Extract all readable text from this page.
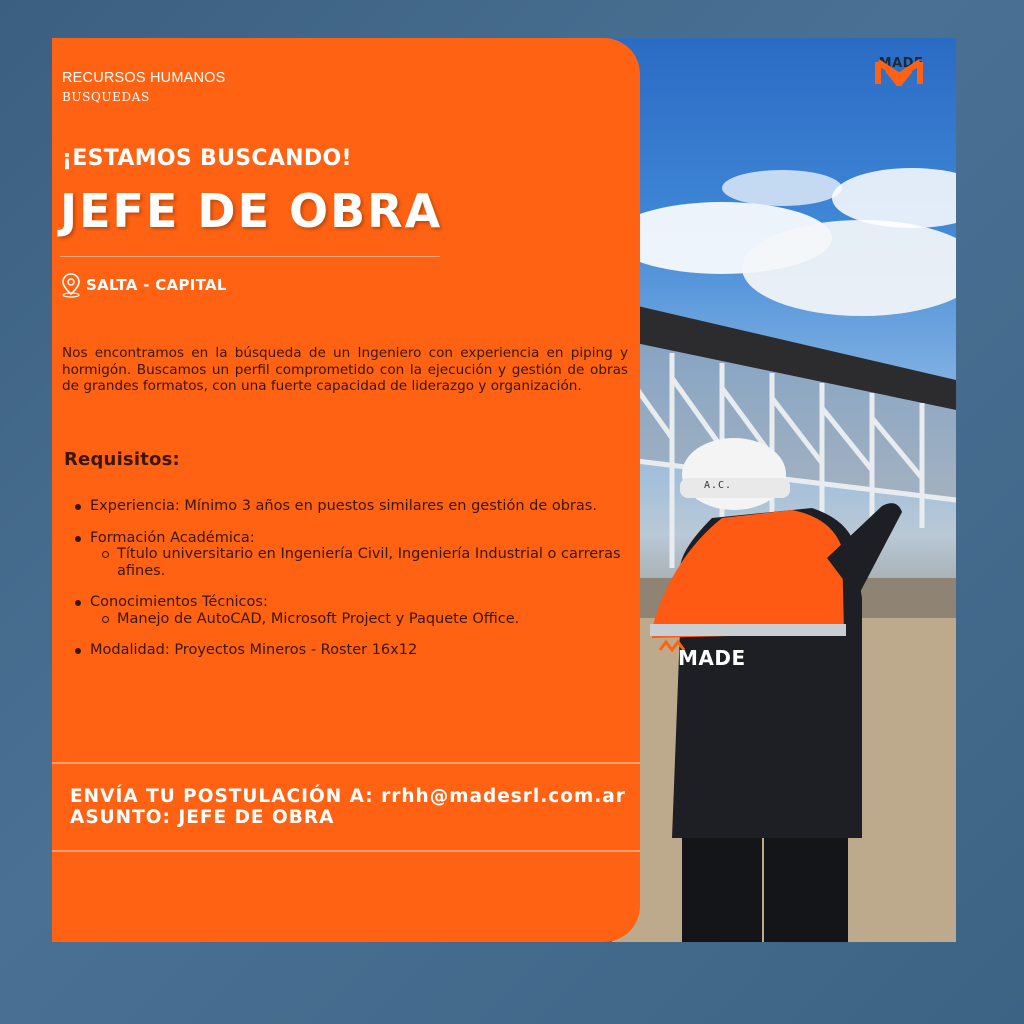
A.C.
MADE
MADE
RECURSOS HUMANOS
BUSQUEDAS
¡ESTAMOS BUSCANDO!
JEFE DE OBRA
SALTA - CAPITAL

Nos encontramos en la búsqueda de un Ingeniero con experiencia en piping y hormigón. Buscamos un perfil comprometido con la ejecución y gestión de obras de grandes formatos, con una fuerte capacidad de liderazgo y organización.

Requisitos:
Experiencia: Mínimo 3 años en puestos similares en gestión de obras.
Formación Académica:
Título universitario en Ingeniería Civil, Ingeniería Industrial o carreras afines.
Conocimientos Técnicos:
Manejo de AutoCAD, Microsoft Project y Paquete Office.
Modalidad: Proyectos Mineros - Roster 16x12
ENVÍA TU POSTULACIÓN A: rrhh@madesrl.com.ar
ASUNTO: JEFE DE OBRA
